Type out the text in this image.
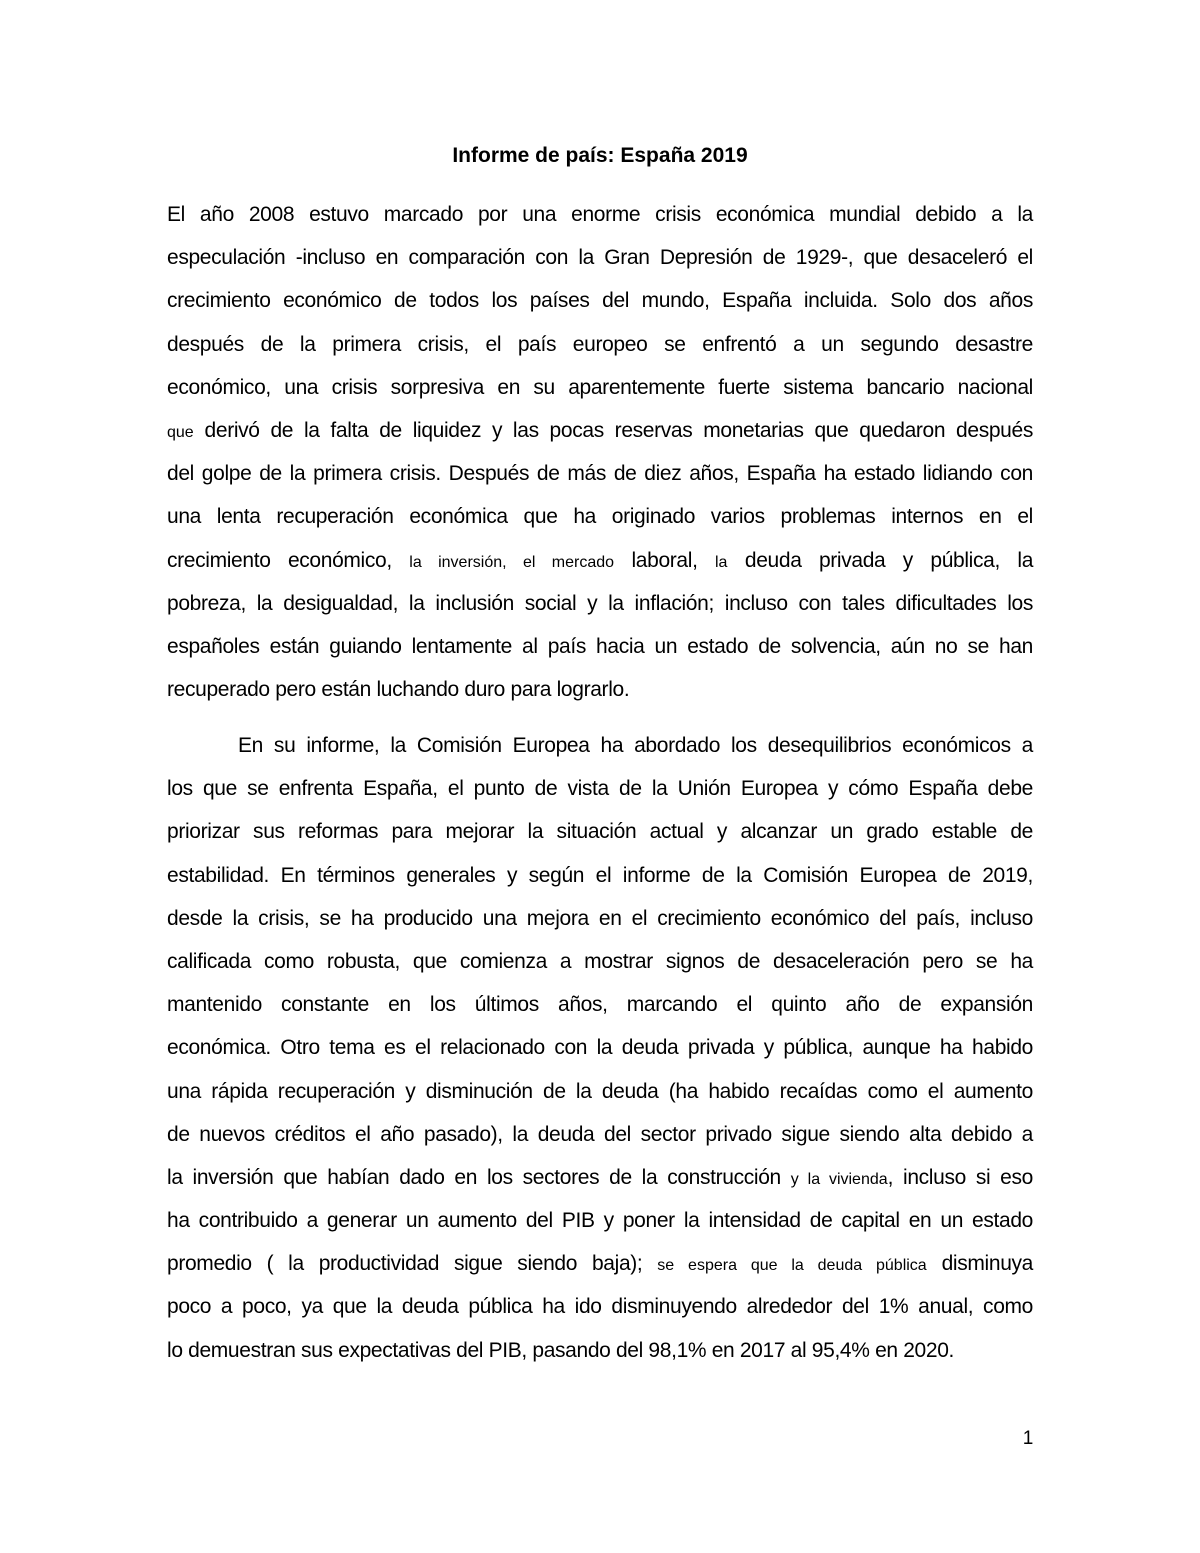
Informe de país: España 2019
El año 2008 estuvo marcado por una enorme crisis económica mundial debido a la
especulación -incluso en comparación con la Gran Depresión de 1929-, que desaceleró el
crecimiento económico de todos los países del mundo, España incluida. Solo dos años
después de la primera crisis, el país europeo se enfrentó a un segundo desastre
económico, una crisis sorpresiva en su aparentemente fuerte sistema bancario nacional
que derivó de la falta de liquidez y las pocas reservas monetarias que quedaron después
del golpe de la primera crisis. Después de más de diez años, España ha estado lidiando con
una lenta recuperación económica que ha originado varios problemas internos en el
crecimiento económico, la inversión, el mercado laboral, la deuda privada y pública, la
pobreza, la desigualdad, la inclusión social y la inflación; incluso con tales dificultades los
españoles están guiando lentamente al país hacia un estado de solvencia, aún no se han
recuperado pero están luchando duro para lograrlo.
En su informe, la Comisión Europea ha abordado los desequilibrios económicos a
los que se enfrenta España, el punto de vista de la Unión Europea y cómo España debe
priorizar sus reformas para mejorar la situación actual y alcanzar un grado estable de
estabilidad. En términos generales y según el informe de la Comisión Europea de 2019,
desde la crisis, se ha producido una mejora en el crecimiento económico del país, incluso
calificada como robusta, que comienza a mostrar signos de desaceleración pero se ha
mantenido constante en los últimos años, marcando el quinto año de expansión
económica. Otro tema es el relacionado con la deuda privada y pública, aunque ha habido
una rápida recuperación y disminución de la deuda (ha habido recaídas como el aumento
de nuevos créditos el año pasado), la deuda del sector privado sigue siendo alta debido a
la inversión que habían dado en los sectores de la construcción y la vivienda, incluso si eso
ha contribuido a generar un aumento del PIB y poner la intensidad de capital en un estado
promedio ( la productividad sigue siendo baja); se espera que la deuda pública disminuya
poco a poco, ya que la deuda pública ha ido disminuyendo alrededor del 1% anual, como
lo demuestran sus expectativas del PIB, pasando del 98,1% en 2017 al 95,4% en 2020.
1
